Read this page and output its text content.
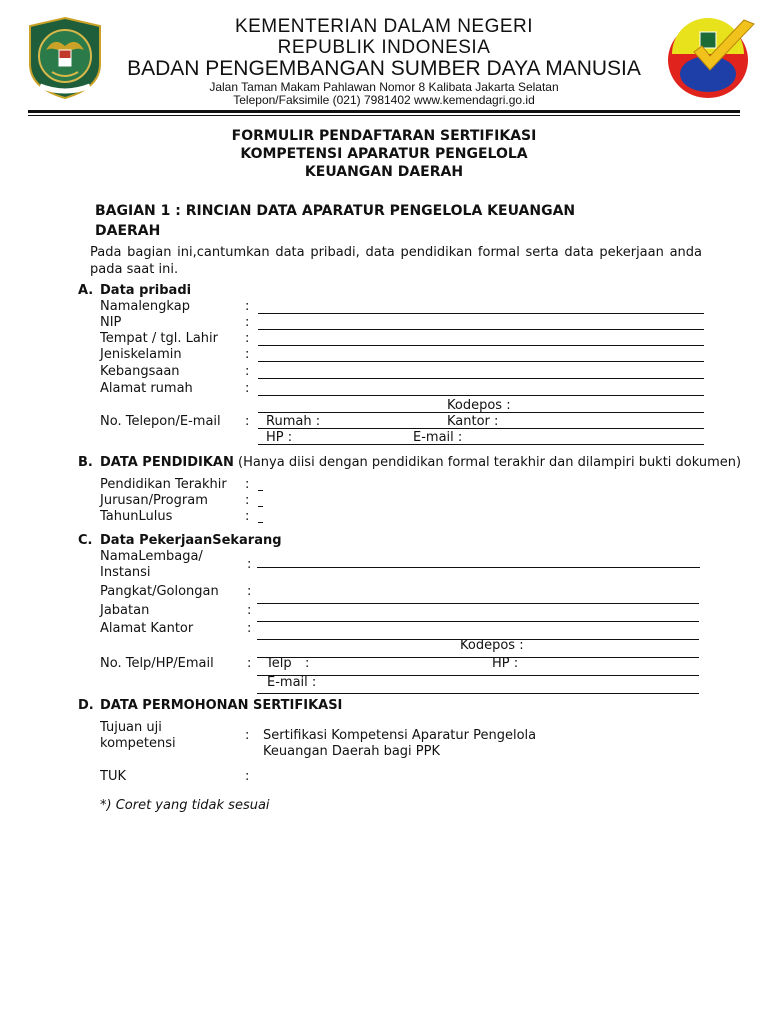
KEMENTERIAN DALAM NEGERI
REPUBLIK INDONESIA
BADAN PENGEMBANGAN SUMBER DAYA MANUSIA
Jalan Taman Makam Pahlawan Nomor 8 Kalibata Jakarta Selatan
Telepon/Faksimile (021) 7981402 www.kemendagri.go.id
FORMULIR PENDAFTARAN SERTIFIKASI
KOMPETENSI APARATUR PENGELOLA
KEUANGAN DAERAH
BAGIAN 1 : RINCIAN DATA APARATUR PENGELOLA KEUANGAN
DAERAH
Pada bagian ini,cantumkan data pribadi, data pendidikan formal serta data pekerjaan anda pada saat ini.
A. Data pribadi
Namalengkap	:
NIP	:
Tempat / tgl. Lahir :
Jeniskelamin	:
Kebangsaan	:
Alamat rumah	:
Kodepos :
No. Telepon/E-mail : Rumah :	Kantor :
HP :	E-mail :
B. DATA PENDIDIKAN (Hanya diisi dengan pendidikan formal terakhir dan dilampiri bukti dokumen)
Pendidikan Terakhir :
Jurusan/Program	:
TahunLulus	:
C. Data PekerjaanSekarang
NamaLembaga/
Instansi
:
Pangkat/Golongan :
Jabatan	:
Alamat Kantor	:
Kodepos :
No. Telp/HP/Email	: Telp :	HP :
E-mail :
D. DATA PERMOHONAN SERTIFIKASI
Tujuan uji
kompetensi
: Sertifikasi Kompetensi Aparatur Pengelola
Keuangan Daerah bagi PPK
TUK	:
*) Coret yang tidak sesuai
